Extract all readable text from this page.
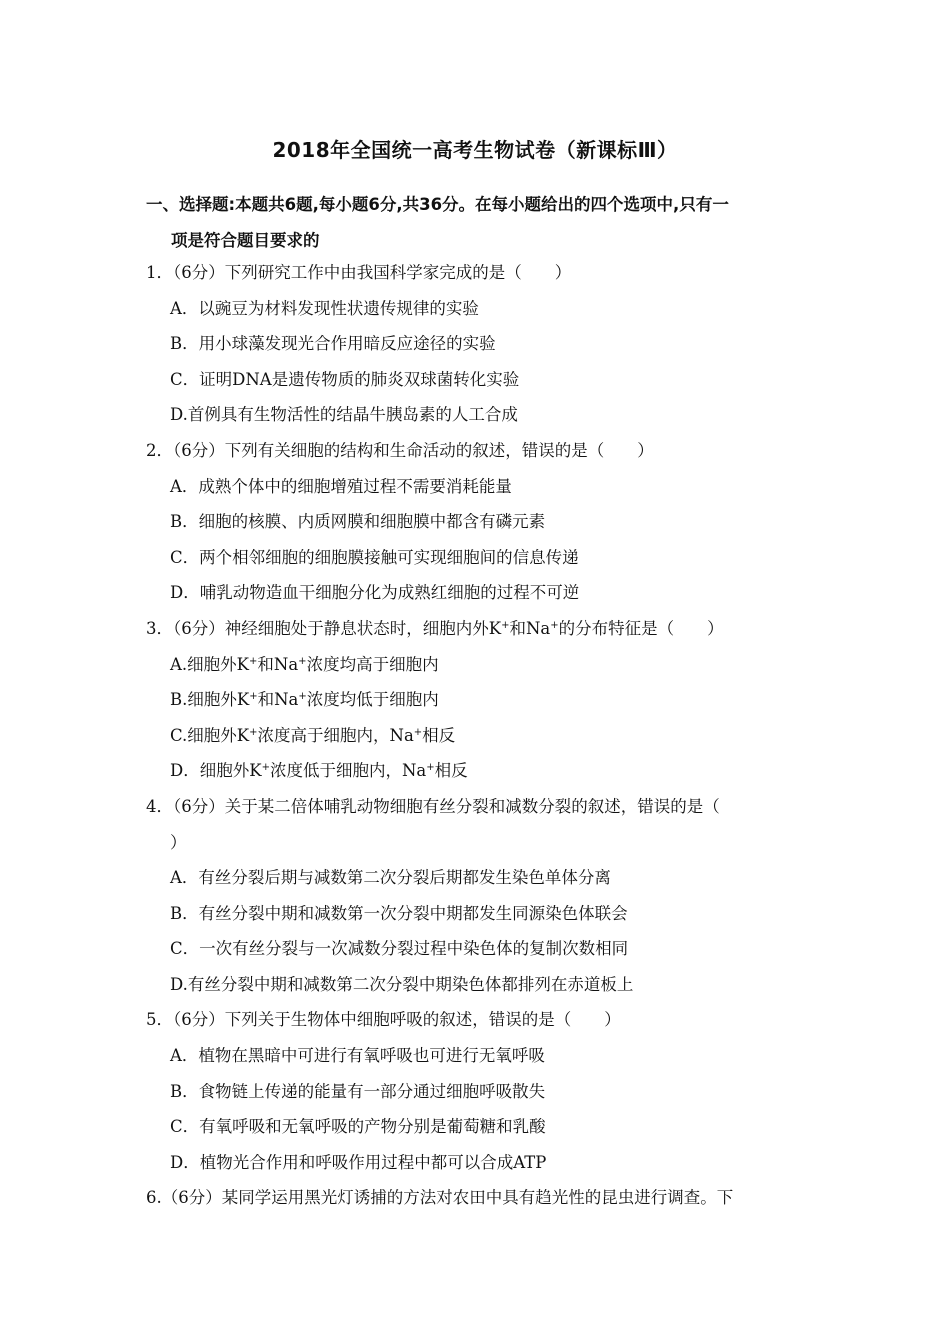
2018年全国统一高考生物试卷（新课标Ⅲ）
一、选择题:本题共6题,每小题6分,共36分。在每小题给出的四个选项中,只有一
项是符合题目要求的
1．（6分）下列研究工作中由我国科学家完成的是（　　）
A．以豌豆为材料发现性状遗传规律的实验
B．用小球藻发现光合作用暗反应途径的实验
C．证明DNA是遗传物质的肺炎双球菌转化实验
D.首例具有生物活性的结晶牛胰岛素的人工合成
2．（6分）下列有关细胞的结构和生命活动的叙述，错误的是（　　）
A．成熟个体中的细胞增殖过程不需要消耗能量
B．细胞的核膜、内质网膜和细胞膜中都含有磷元素
C．两个相邻细胞的细胞膜接触可实现细胞间的信息传递
D．哺乳动物造血干细胞分化为成熟红细胞的过程不可逆
3．（6分）神经细胞处于静息状态时，细胞内外K+和Na+的分布特征是（　　）
A.细胞外K+和Na+浓度均高于细胞内
B.细胞外K+和Na+浓度均低于细胞内
C.细胞外K+浓度高于细胞内，Na+相反
D．细胞外K+浓度低于细胞内，Na+相反
4．（6分）关于某二倍体哺乳动物细胞有丝分裂和减数分裂的叙述，错误的是（
）
A．有丝分裂后期与减数第二次分裂后期都发生染色单体分离
B．有丝分裂中期和减数第一次分裂中期都发生同源染色体联会
C．一次有丝分裂与一次减数分裂过程中染色体的复制次数相同
D.有丝分裂中期和减数第二次分裂中期染色体都排列在赤道板上
5．（6分）下列关于生物体中细胞呼吸的叙述，错误的是（　　）
A．植物在黑暗中可进行有氧呼吸也可进行无氧呼吸
B．食物链上传递的能量有一部分通过细胞呼吸散失
C．有氧呼吸和无氧呼吸的产物分别是葡萄糖和乳酸
D．植物光合作用和呼吸作用过程中都可以合成ATP
6.（6分）某同学运用黑光灯诱捕的方法对农田中具有趋光性的昆虫进行调查。下
